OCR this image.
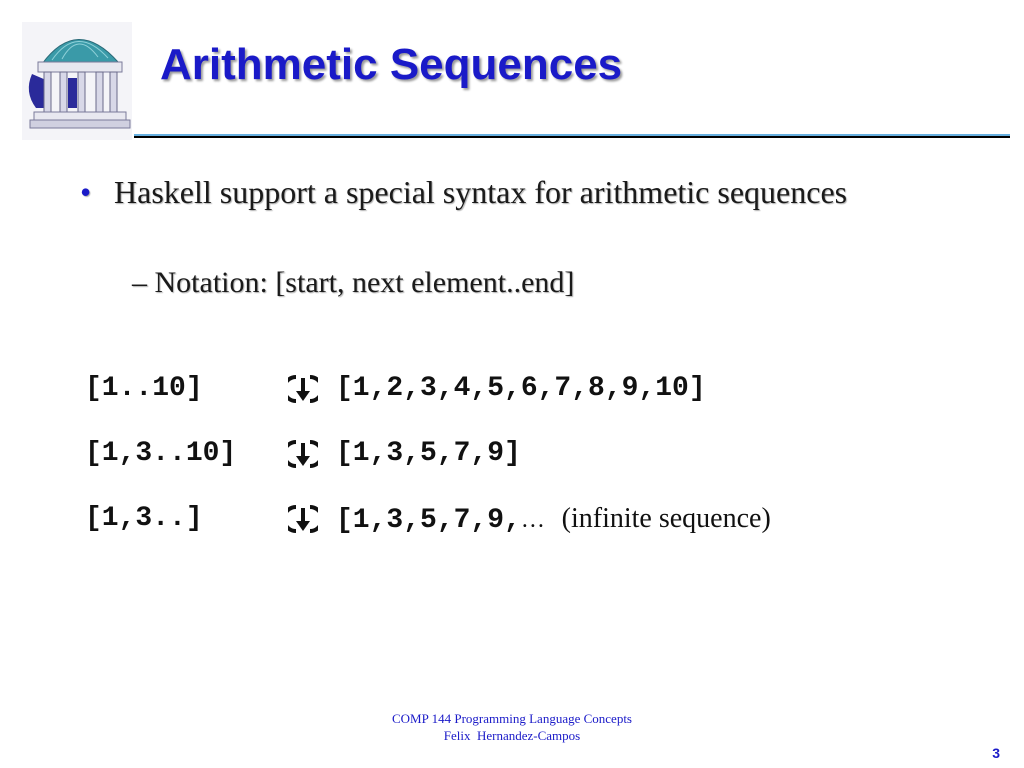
Arithmetic Sequences
• Haskell support a special syntax for arithmetic sequences
– Notation: [start, next element..end]
[1..10]	[1,2,3,4,5,6,7,8,9,10]
[1,3..10]	[1,3,5,7,9]
[1,3..]	[1,3,5,7,9,… (infinite sequence)
COMP 144 Programming Language Concepts
Felix  Hernandez-Campos
3
